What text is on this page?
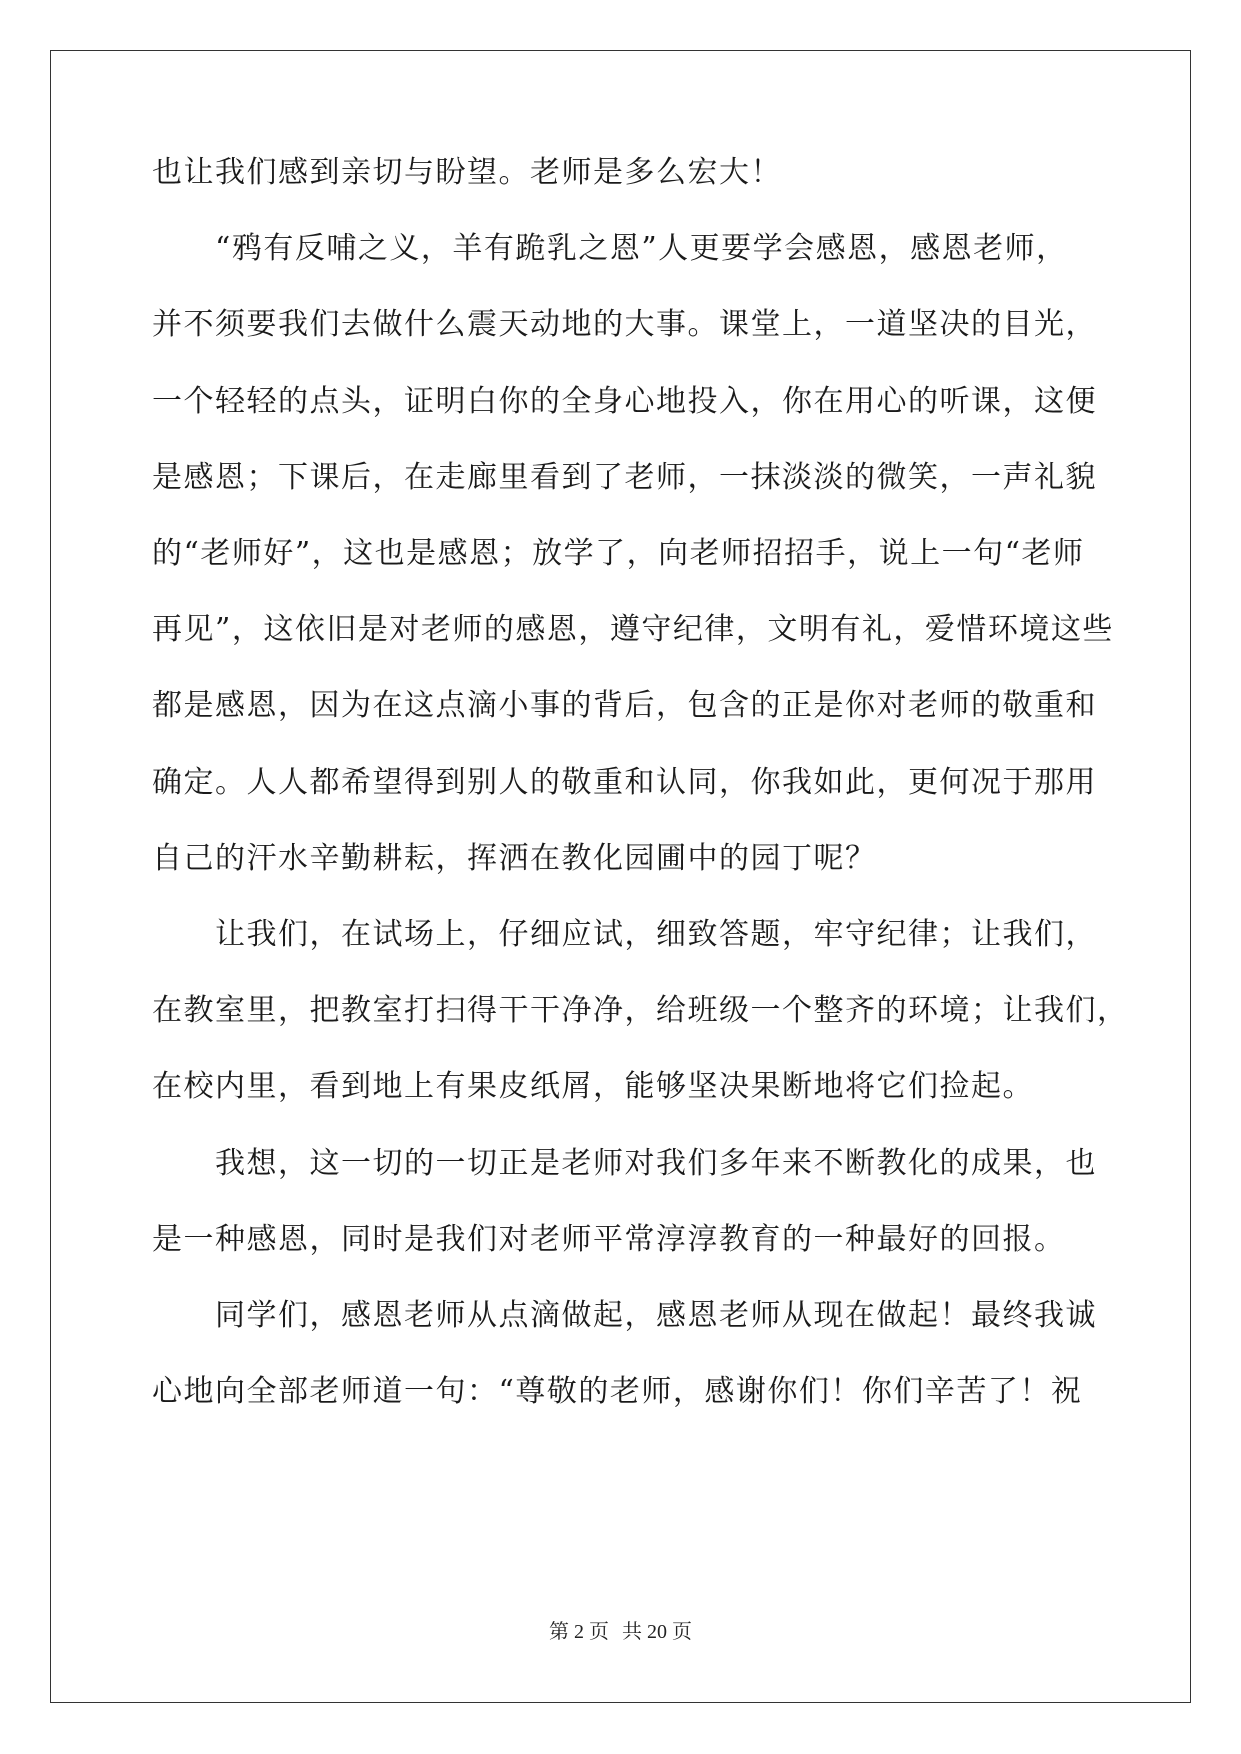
也让我们感到亲切与盼望。老师是多么宏大！
　　“鸦有反哺之义，羊有跪乳之恩”人更要学会感恩，感恩老师，
并不须要我们去做什么震天动地的大事。课堂上，一道坚决的目光，
一个轻轻的点头，证明白你的全身心地投入，你在用心的听课，这便
是感恩；下课后，在走廊里看到了老师，一抹淡淡的微笑，一声礼貌
的“老师好”，这也是感恩；放学了，向老师招招手，说上一句“老师
再见”，这依旧是对老师的感恩，遵守纪律，文明有礼，爱惜环境这些
都是感恩，因为在这点滴小事的背后，包含的正是你对老师的敬重和
确定。人人都希望得到别人的敬重和认同，你我如此，更何况于那用
自己的汗水辛勤耕耘，挥洒在教化园圃中的园丁呢？
　　让我们，在试场上，仔细应试，细致答题，牢守纪律；让我们，
在教室里，把教室打扫得干干净净，给班级一个整齐的环境；让我们，
在校内里，看到地上有果皮纸屑，能够坚决果断地将它们捡起。
　　我想，这一切的一切正是老师对我们多年来不断教化的成果，也
是一种感恩，同时是我们对老师平常淳淳教育的一种最好的回报。
　　同学们，感恩老师从点滴做起，感恩老师从现在做起！最终我诚
心地向全部老师道一句：“尊敬的老师，感谢你们！你们辛苦了！祝
第 2 页 共 20 页
